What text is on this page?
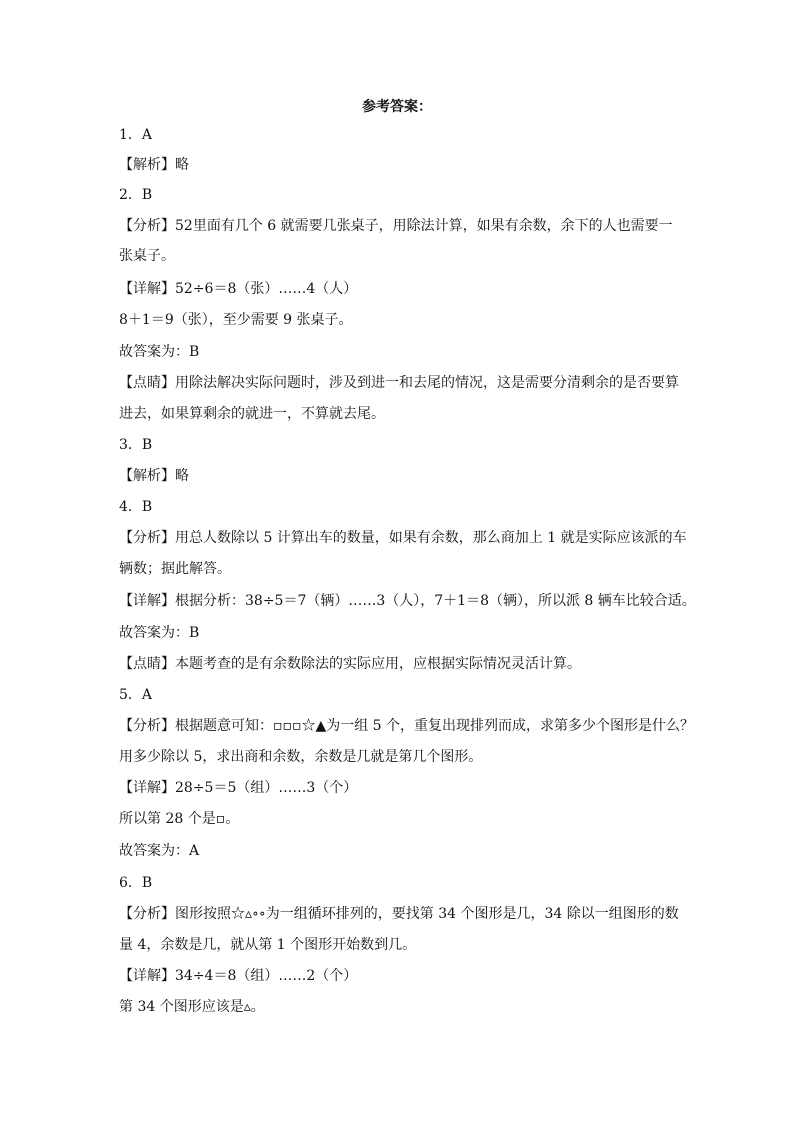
参考答案：
1．A
【解析】略
2．B
【分析】52里面有几个 6 就需要几张桌子，用除法计算，如果有余数，余下的人也需要一
张桌子。
【详解】52÷6＝8（张）……4（人）
8＋1＝9（张），至少需要 9 张桌子。
故答案为：B
【点睛】用除法解决实际问题时，涉及到进一和去尾的情况，这是需要分清剩余的是否要算
进去，如果算剩余的就进一，不算就去尾。
3．B
【解析】略
4．B
【分析】用总人数除以 5 计算出车的数量，如果有余数，那么商加上 1 就是实际应该派的车
辆数；据此解答。
【详解】根据分析：38÷5＝7（辆）……3（人），7＋1＝8（辆），所以派 8 辆车比较合适。
故答案为：B
【点睛】本题考查的是有余数除法的实际应用，应根据实际情况灵活计算。
5．A
【分析】根据题意可知：▫▫▫☆▲为一组 5 个，重复出现排列而成，求第多少个图形是什么？
用多少除以 5，求出商和余数，余数是几就是第几个图形。
【详解】28÷5＝5（组）……3（个）
所以第 28 个是▫。
故答案为：A
6．B
【分析】图形按照☆▵∘∘为一组循环排列的，要找第 34 个图形是几，34 除以一组图形的数
量 4，余数是几，就从第 1 个图形开始数到几。
【详解】34÷4＝8（组）……2（个）
第 34 个图形应该是▵。
